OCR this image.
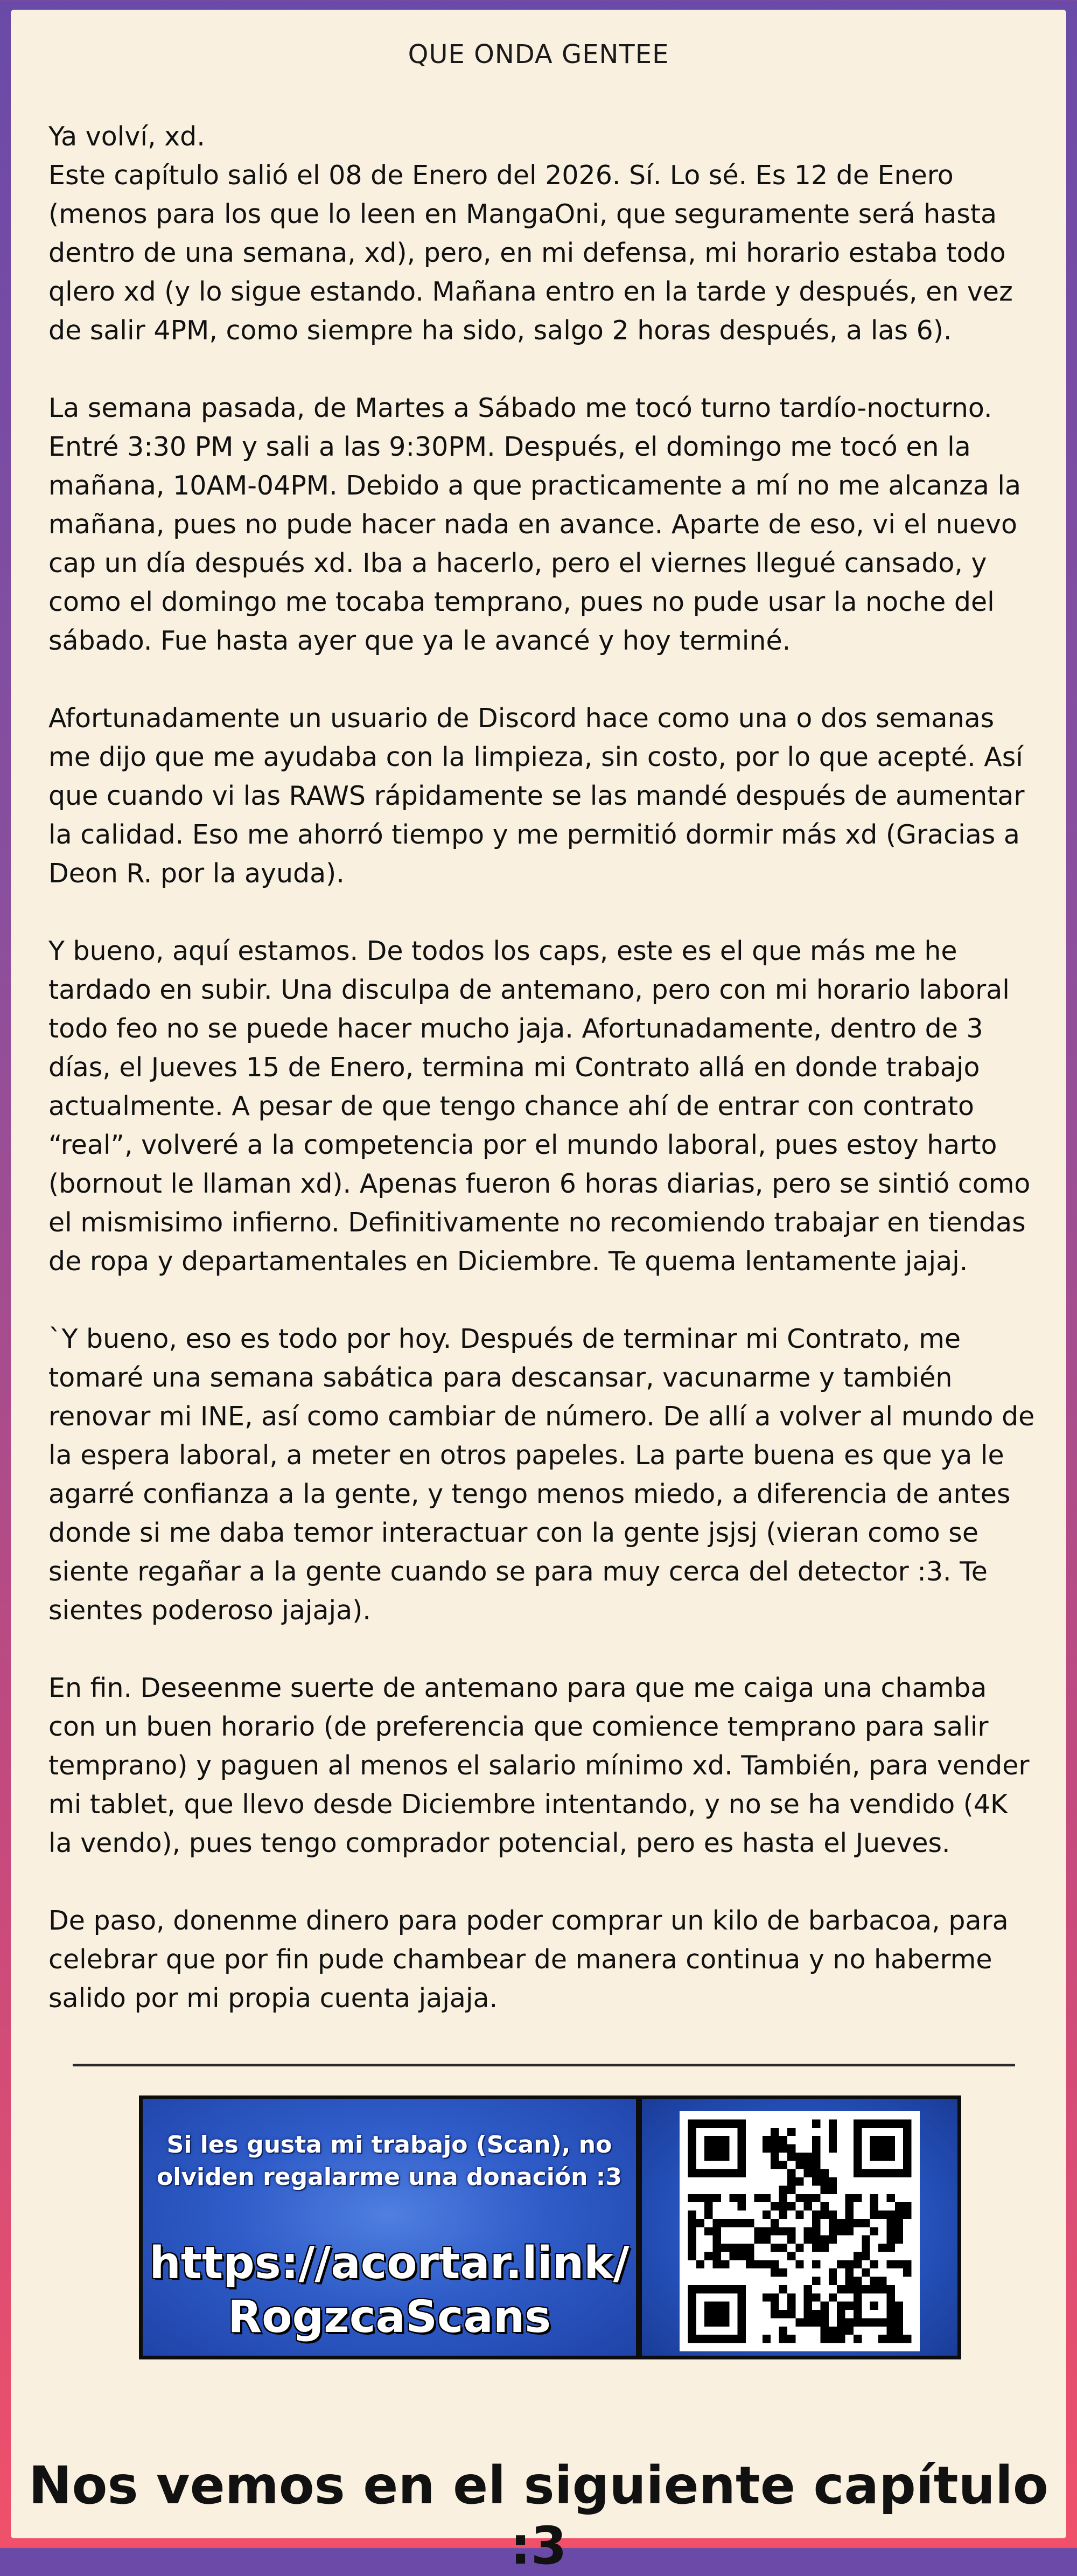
QUE ONDA GENTEE

Ya volví, xd.
Este capítulo salió el 08 de Enero del 2026. Sí. Lo sé. Es 12 de Enero (menos para los que lo leen en MangaOni, que seguramente será hasta dentro de una semana, xd), pero, en mi defensa, mi horario estaba todo qlero xd (y lo sigue estando. Mañana entro en la tarde y después, en vez de salir 4PM, como siempre ha sido, salgo 2 horas después, a las 6).

La semana pasada, de Martes a Sábado me tocó turno tardío-nocturno. Entré 3:30 PM y sali a las 9:30PM. Después, el domingo me tocó en la mañana, 10AM-04PM. Debido a que practicamente a mí no me alcanza la mañana, pues no pude hacer nada en avance. Aparte de eso, vi el nuevo cap un día después xd. Iba a hacerlo, pero el viernes llegué cansado, y como el domingo me tocaba temprano, pues no pude usar la noche del sábado. Fue hasta ayer que ya le avancé y hoy terminé.

Afortunadamente un usuario de Discord hace como una o dos semanas me dijo que me ayudaba con la limpieza, sin costo, por lo que acepté. Así que cuando vi las RAWS rápidamente se las mandé después de aumentar la calidad. Eso me ahorró tiempo y me permitió dormir más xd (Gracias a Deon R. por la ayuda).

Y bueno, aquí estamos. De todos los caps, este es el que más me he tardado en subir. Una disculpa de antemano, pero con mi horario laboral todo feo no se puede hacer mucho jaja. Afortunadamente, dentro de 3 días, el Jueves 15 de Enero, termina mi Contrato allá en donde trabajo actualmente. A pesar de que tengo chance ahí de entrar con contrato “real”, volveré a la competencia por el mundo laboral, pues estoy harto (bornout le llaman xd). Apenas fueron 6 horas diarias, pero se sintió como el mismisimo infierno. Definitivamente no recomiendo trabajar en tiendas de ropa y departamentales en Diciembre. Te quema lentamente jajaj.

`Y bueno, eso es todo por hoy. Después de terminar mi Contrato, me tomaré una semana sabática para descansar, vacunarme y también renovar mi INE, así como cambiar de número. De allí a volver al mundo de la espera laboral, a meter en otros papeles. La parte buena es que ya le agarré confianza a la gente, y tengo menos miedo, a diferencia de antes donde si me daba temor interactuar con la gente jsjsj (vieran como se siente regañar a la gente cuando se para muy cerca del detector :3. Te sientes poderoso jajaja).

En fin. Deseenme suerte de antemano para que me caiga una chamba con un buen horario (de preferencia que comience temprano para salir temprano) y paguen al menos el salario mínimo xd. También, para vender mi tablet, que llevo desde Diciembre intentando, y no se ha vendido (4K la vendo), pues tengo comprador potencial, pero es hasta el Jueves.

De paso, donenme dinero para poder comprar un kilo de barbacoa, para celebrar que por fin pude chambear de manera continua y no haberme salido por mi propia cuenta jajaja.

Si les gusta mi trabajo (Scan), no olviden regalarme una donación :3
https://acortar.link/ RogzcaScans
Nos vemos en el siguiente capítulo :3
